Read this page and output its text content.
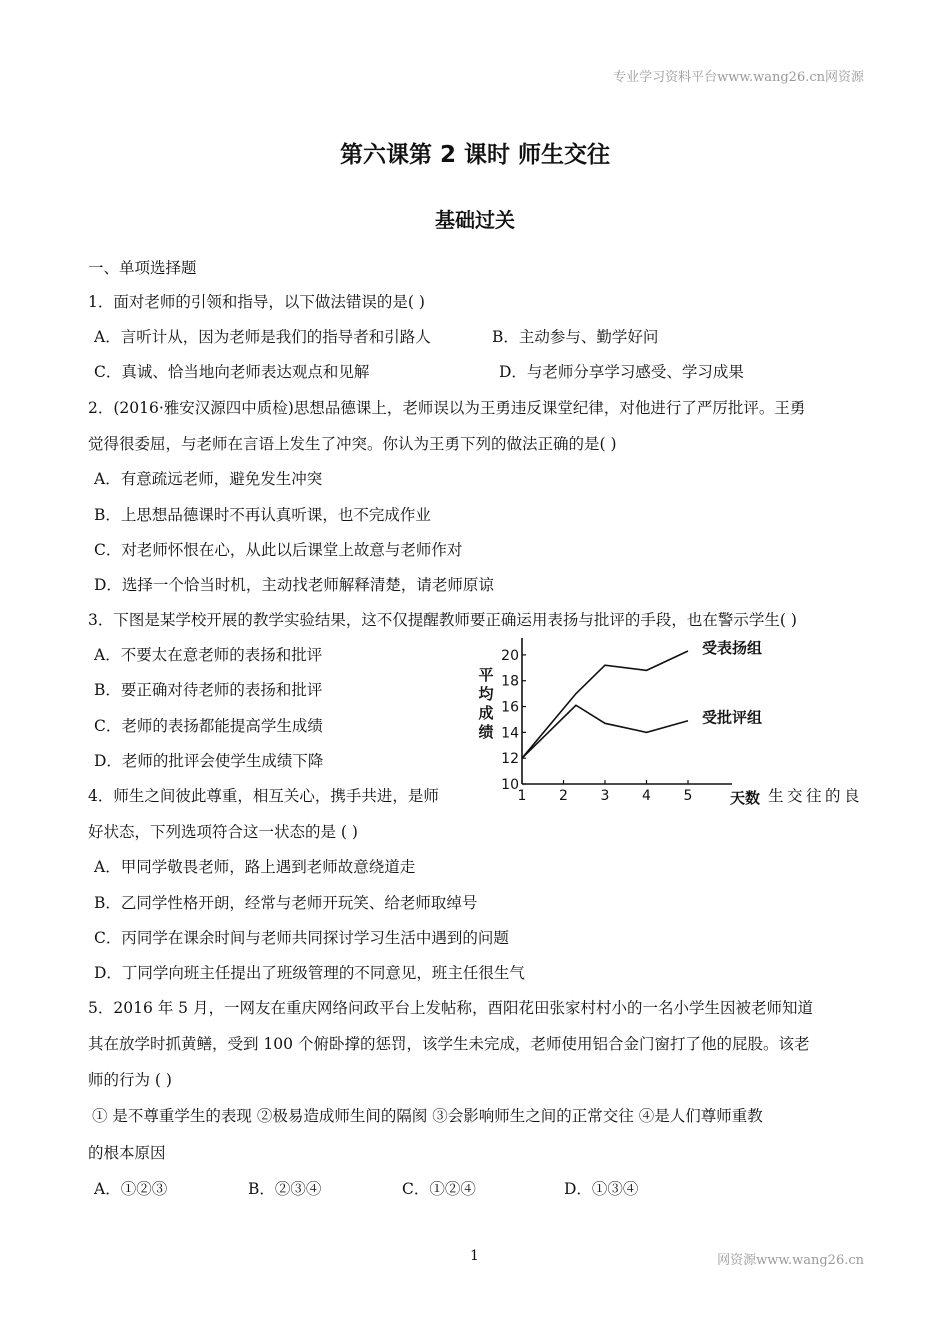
专业学习资料平台www.wang26.cn网资源
第六课第 2 课时 师生交往
基础过关
一、单项选择题
1．面对老师的引领和指导，以下做法错误的是( )
A．言听计从，因为老师是我们的指导者和引路人	B．主动参与、勤学好问
C．真诚、恰当地向老师表达观点和见解	D．与老师分享学习感受、学习成果
2．(2016·雅安汉源四中质检)思想品德课上，老师误以为王勇违反课堂纪律，对他进行了严厉批评。王勇
觉得很委屈，与老师在言语上发生了冲突。你认为王勇下列的做法正确的是( )
A．有意疏远老师，避免发生冲突
B．上思想品德课时不再认真听课，也不完成作业
C．对老师怀恨在心，从此以后课堂上故意与老师作对
D．选择一个恰当时机，主动找老师解释清楚，请老师原谅
3．下图是某学校开展的教学实验结果，这不仅提醒教师要正确运用表扬与批评的手段，也在警示学生( )
A．不要太在意老师的表扬和批评
B．要正确对待老师的表扬和批评
C．老师的表扬都能提高学生成绩
D．老师的批评会使学生成绩下降
10
12
14
16
18
20
1 2 3 4 5
平
均
成
绩
天数
受表扬组
受批评组
4．师生之间彼此尊重，相互关心，携手共进，是师	生交往的良
好状态，下列选项符合这一状态的是 ( )
A．甲同学敬畏老师，路上遇到老师故意绕道走
B．乙同学性格开朗，经常与老师开玩笑、给老师取绰号
C．丙同学在课余时间与老师共同探讨学习生活中遇到的问题
D．丁同学向班主任提出了班级管理的不同意见，班主任很生气
5．2016 年 5 月，一网友在重庆网络问政平台上发帖称，酉阳花田张家村村小的一名小学生因被老师知道
其在放学时抓黄鳝，受到 100 个俯卧撑的惩罚，该学生未完成，老师使用铝合金门窗打了他的屁股。该老
师的行为 ( )
① 是不尊重学生的表现 ②极易造成师生间的隔阂 ③会影响师生之间的正常交往 ④是人们尊师重教
的根本原因
A．①②③	B．②③④	C．①②④	D．①③④
1	网资源www.wang26.cn
